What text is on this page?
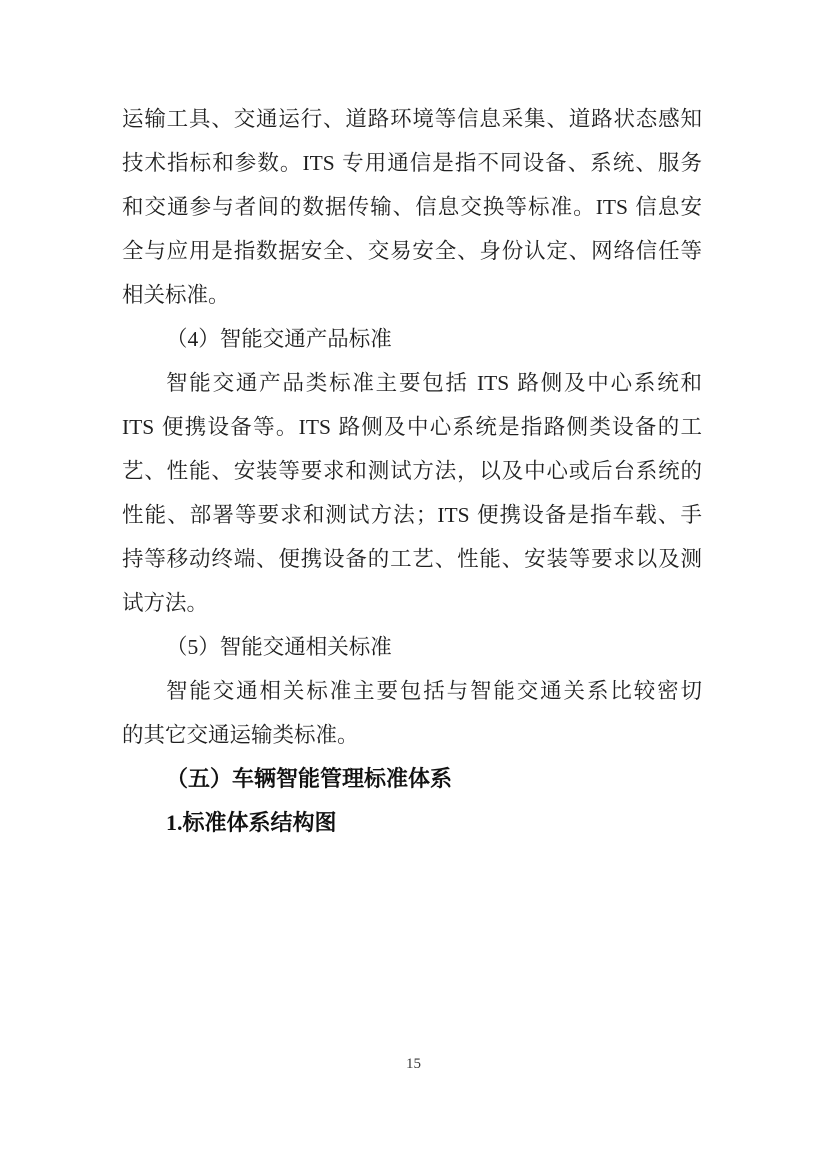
运输工具、交通运行、道路环境等信息采集、道路状态感知
技术指标和参数。ITS 专用通信是指不同设备、系统、服务
和交通参与者间的数据传输、信息交换等标准。ITS 信息安
全与应用是指数据安全、交易安全、身份认定、网络信任等
相关标准。
（4）智能交通产品标准
智能交通产品类标准主要包括 ITS 路侧及中心系统和
ITS 便携设备等。ITS 路侧及中心系统是指路侧类设备的工
艺、性能、安装等要求和测试方法，以及中心或后台系统的
性能、部署等要求和测试方法；ITS 便携设备是指车载、手
持等移动终端、便携设备的工艺、性能、安装等要求以及测
试方法。
（5）智能交通相关标准
智能交通相关标准主要包括与智能交通关系比较密切
的其它交通运输类标准。
（五）车辆智能管理标准体系
1.标准体系结构图
15
